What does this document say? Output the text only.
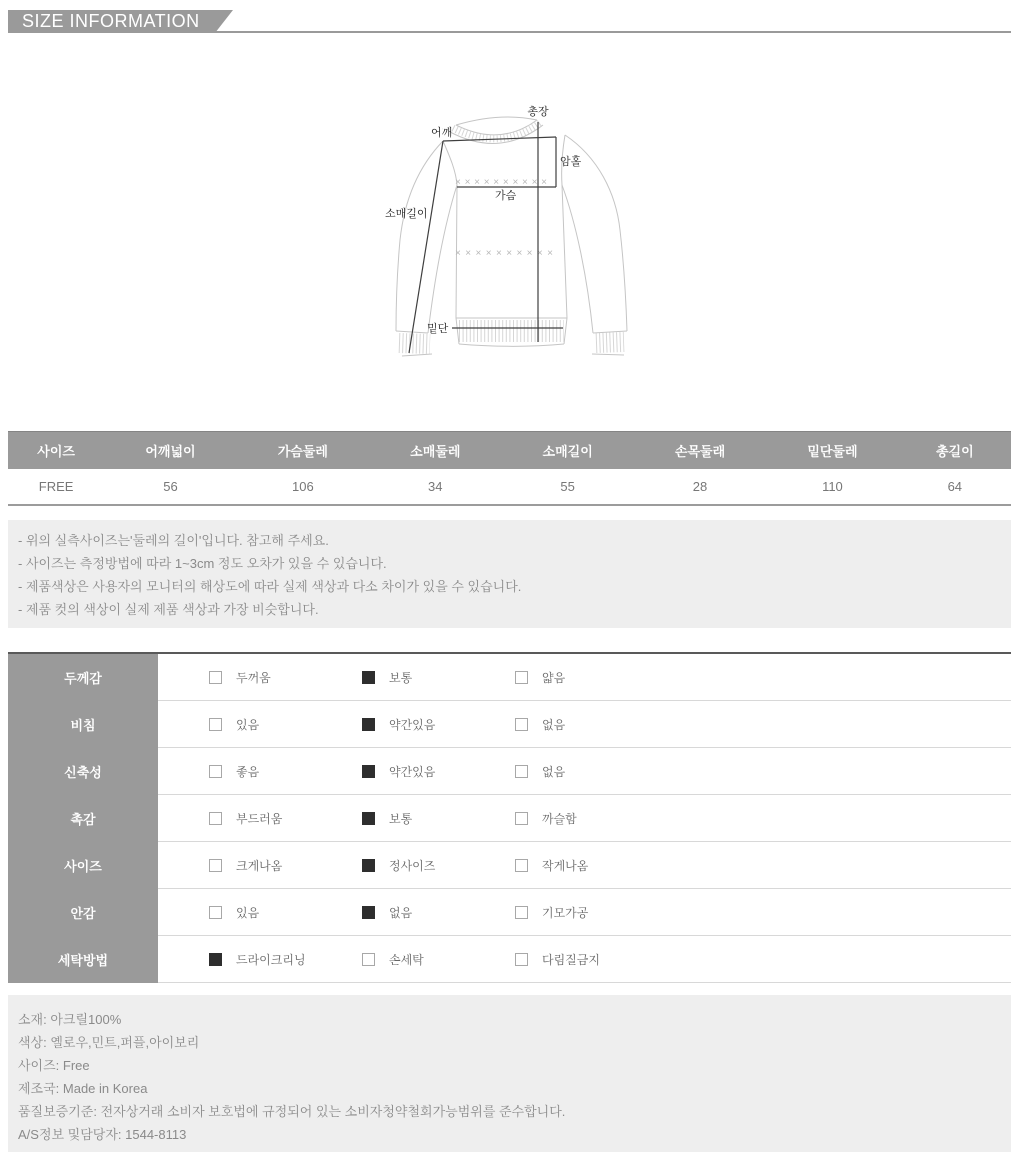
SIZE INFORMATION
××××××××××
××××××××××
총장
어깨
암홀
가슴
소매길이
밑단
사이즈	어깨넓이	가슴둘레	소매둘레	소매길이	손목둘래	밑단둘레	총길이
FREE	56	106	34	55	28	110	64
- 위의 실측사이즈는'둘레의 길이'입니다. 참고해 주세요.
- 사이즈는 측정방법에 따라 1~3cm 정도 오차가 있을 수 있습니다.
- 제품색상은 사용자의 모니터의 해상도에 따라 실제 색상과 다소 차이가 있을 수 있습니다.
- 제품 컷의 색상이 실제 제품 색상과 가장 비슷합니다.
두께감	두꺼움	보통	얇음
비침	있음	약간있음	없음
신축성	좋음	약간있음	없음
촉감	부드러움	보통	까슬함
사이즈	크게나옴	정사이즈	작게나옴
안감	있음	없음	기모가공
세탁방법	드라이크리닝	손세탁	다림질금지
소재: 아크릴100%
색상: 옐로우,민트,퍼플,아이보리
사이즈: Free
제조국: Made in Korea
품질보증기준: 전자상거래 소비자 보호법에 규정되어 있는 소비자청약철회가능범위를 준수합니다.
A/S정보 및담당자: 1544-8113
